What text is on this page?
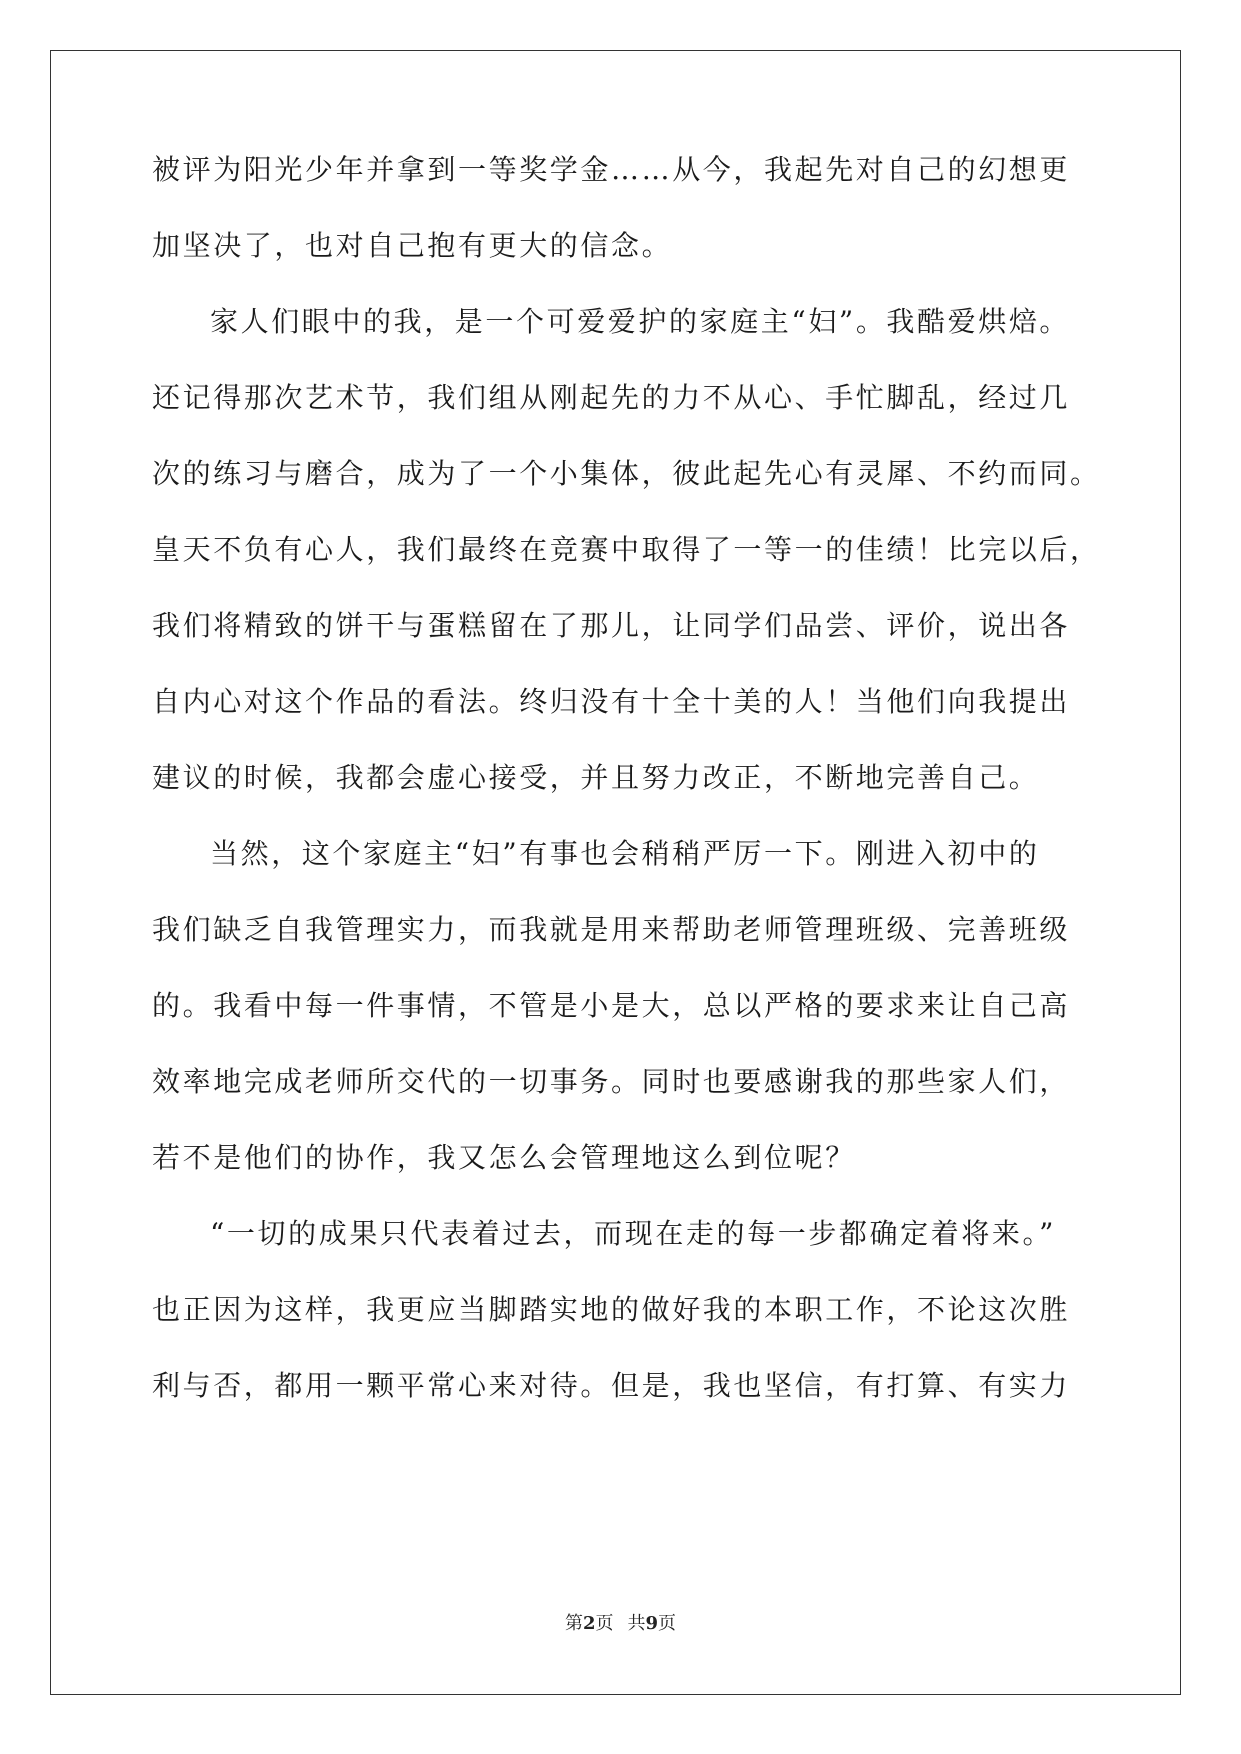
被评为阳光少年并拿到一等奖学金……从今，我起先对自己的幻想更
加坚决了，也对自己抱有更大的信念。
家人们眼中的我，是一个可爱爱护的家庭主“妇”。我酷爱烘焙。
还记得那次艺术节，我们组从刚起先的力不从心、手忙脚乱，经过几
次的练习与磨合，成为了一个小集体，彼此起先心有灵犀、不约而同。
皇天不负有心人，我们最终在竞赛中取得了一等一的佳绩！比完以后，
我们将精致的饼干与蛋糕留在了那儿，让同学们品尝、评价，说出各
自内心对这个作品的看法。终归没有十全十美的人！当他们向我提出
建议的时候，我都会虚心接受，并且努力改正，不断地完善自己。
当然，这个家庭主“妇”有事也会稍稍严厉一下。刚进入初中的
我们缺乏自我管理实力，而我就是用来帮助老师管理班级、完善班级
的。我看中每一件事情，不管是小是大，总以严格的要求来让自己高
效率地完成老师所交代的一切事务。同时也要感谢我的那些家人们，
若不是他们的协作，我又怎么会管理地这么到位呢？
“一切的成果只代表着过去，而现在走的每一步都确定着将来。”
也正因为这样，我更应当脚踏实地的做好我的本职工作，不论这次胜
利与否，都用一颗平常心来对待。但是，我也坚信，有打算、有实力
第2页 共9页
